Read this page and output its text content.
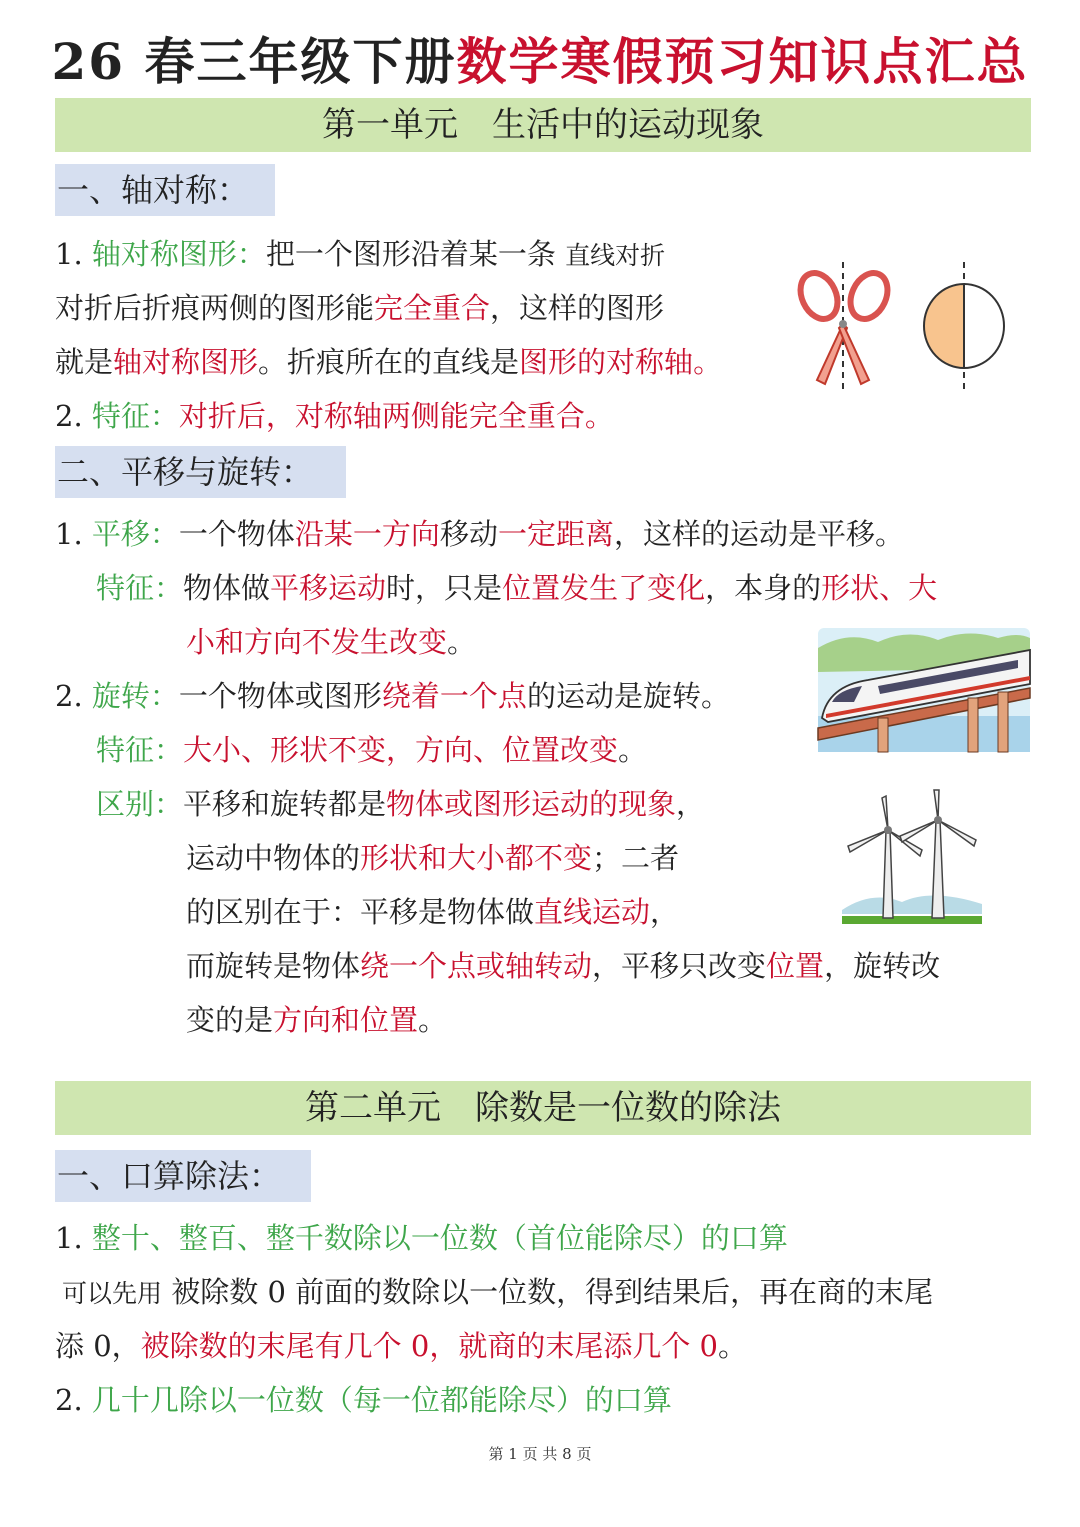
26 春三年级下册数学寒假预习知识点汇总
第一单元　生活中的运动现象
一、轴对称：
1. 轴对称图形：把一个图形沿着某一条 直线对折
对折后折痕两侧的图形能完全重合，这样的图形
就是轴对称图形。折痕所在的直线是图形的对称轴。
2. 特征：对折后，对称轴两侧能完全重合。
二、平移与旋转：
1. 平移：一个物体沿某一方向移动一定距离，这样的运动是平移。
特征：物体做平移运动时，只是位置发生了变化，本身的形状、大
小和方向不发生改变。
2. 旋转：一个物体或图形绕着一个点的运动是旋转。
特征：大小、形状不变，方向、位置改变。
区别：平移和旋转都是物体或图形运动的现象，
运动中物体的形状和大小都不变；二者
的区别在于：平移是物体做直线运动，
而旋转是物体绕一个点或轴转动，平移只改变位置，旋转改
变的是方向和位置。
第二单元　除数是一位数的除法
一、口算除法：
1. 整十、整百、整千数除以一位数（首位能除尽）的口算
可以先用 被除数 0 前面的数除以一位数，得到结果后，再在商的末尾
添 0，被除数的末尾有几个 0，就商的末尾添几个 0。
2. 几十几除以一位数（每一位都能除尽）的口算
第 1 页 共 8 页
